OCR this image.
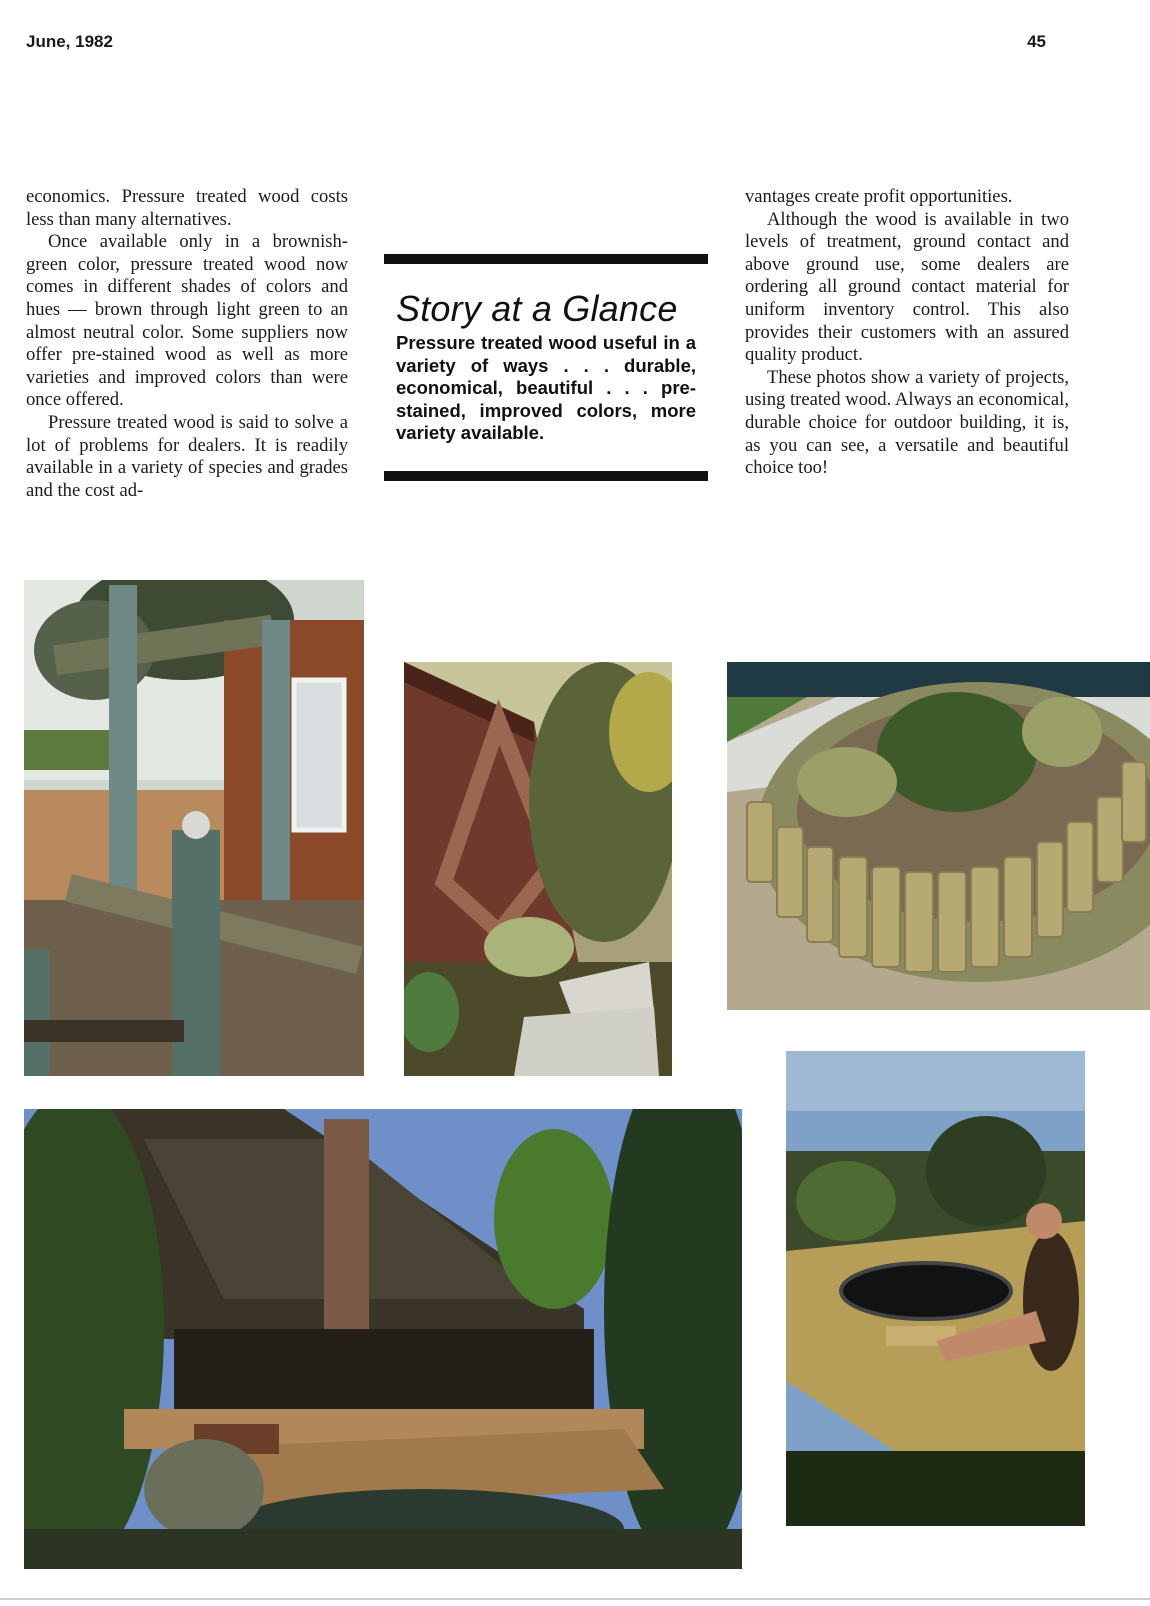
June, 1982	45

economics. Pressure treated wood costs less than many alternatives.

Once available only in a brownish-green color, pressure treated wood now comes in different shades of colors and hues — brown through light green to an almost neutral color. Some suppliers now offer pre-stained wood as well as more varieties and improved colors than were once offered.

Pressure treated wood is said to solve a lot of problems for dealers. It is readily available in a variety of species and grades and the cost ad-

Story at a Glance
Pressure treated wood useful in a variety of ways . . . durable, economical, beautiful . . . pre-stained, improved colors, more variety available.

vantages create profit opportunities.

Although the wood is available in two levels of treatment, ground contact and above ground use, some dealers are ordering all ground contact material for uniform inventory control. This also provides their customers with an assured quality product.

These photos show a variety of projects, using treated wood. Always an economical, durable choice for outdoor building, it is, as you can see, a versatile and beautiful choice too!
